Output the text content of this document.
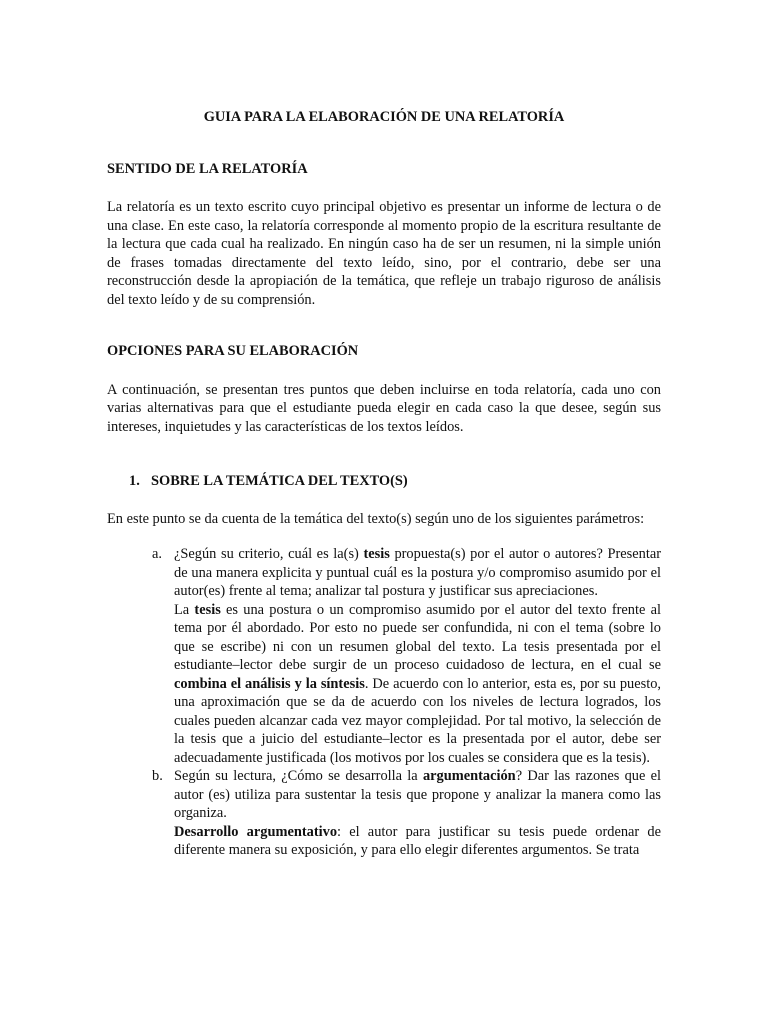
GUIA PARA LA ELABORACIÓN DE UNA RELATORÍA

SENTIDO DE LA RELATORÍA

La relatoría es un texto escrito cuyo principal objetivo es presentar un informe de lectura o de una clase. En este caso, la relatoría corresponde al momento propio de la escritura resultante de la lectura que cada cual ha realizado. En ningún caso ha de ser un resumen, ni la simple unión de frases tomadas directamente del texto leído, sino, por el contrario, debe ser una reconstrucción desde la apropiación de la temática, que refleje un trabajo riguroso de análisis del texto leído y de su comprensión.

OPCIONES PARA SU ELABORACIÓN

A continuación, se presentan tres puntos que deben incluirse en toda relatoría, cada uno con varias alternativas para que el estudiante pueda elegir en cada caso la que desee, según sus intereses, inquietudes y las características de los textos leídos.

1. SOBRE LA TEMÁTICA DEL TEXTO(S)

En este punto se da cuenta de la temática del texto(s) según uno de los siguientes parámetros:

a. ¿Según su criterio, cuál es la(s) tesis propuesta(s) por el autor o autores? Presentar de una manera explicita y puntual cuál es la postura y/o compromiso asumido por el autor(es) frente al tema; analizar tal postura y justificar sus apreciaciones.

La tesis es una postura o un compromiso asumido por el autor del texto frente al tema por él abordado. Por esto no puede ser confundida, ni con el tema (sobre lo que se escribe) ni con un resumen global del texto. La tesis presentada por el estudiante–lector debe surgir de un proceso cuidadoso de lectura, en el cual se combina el análisis y la síntesis. De acuerdo con lo anterior, esta es, por su puesto, una aproximación que se da de acuerdo con los niveles de lectura logrados, los cuales pueden alcanzar cada vez mayor complejidad. Por tal motivo, la selección de la tesis que a juicio del estudiante–lector es la presentada por el autor, debe ser adecuadamente justificada (los motivos por los cuales se considera que es la tesis).

b. Según su lectura, ¿Cómo se desarrolla la argumentación? Dar las razones que el autor (es) utiliza para sustentar la tesis que propone y analizar la manera como las organiza.

Desarrollo argumentativo: el autor para justificar su tesis puede ordenar de diferente manera su exposición, y para ello elegir diferentes argumentos. Se trata
